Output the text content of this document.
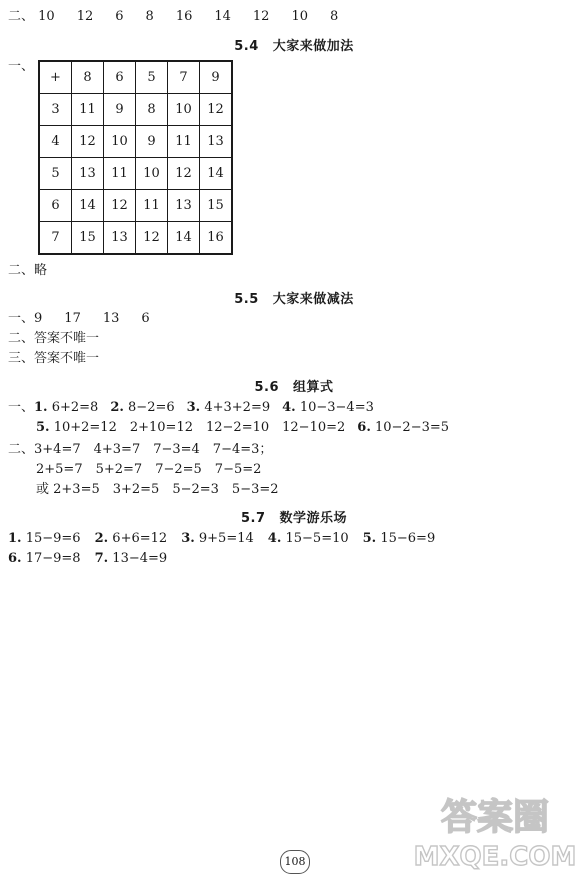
二、 10 12 6 8 16 14 12 10 8
5.4 大家来做加法
一、
+	8	6	5	7	9
3	11	9	8	10	12
4	12	10	9	11	13
5	13	11	10	12	14
6	14	12	11	13	15
7	15	13	12	14	16
二、略
5.5 大家来做减法
一、9 17 13 6
二、答案不唯一
三、答案不唯一
5.6 组算式
一、1. 6+2=8 2. 8−2=6 3. 4+3+2=9 4. 10−3−4=3
5. 10+2=12　2+10=12　12−2=10　12−10=2 6. 10−2−3=5
二、3+4=7　4+3=7　7−3=4　7−4=3；
2+5=7　5+2=7　7−2=5　7−5=2
或 2+3=5　3+2=5　5−2=3　5−3=2
5.7 数学游乐场
1. 15−9=6 2. 6+6=12 3. 9+5=14 4. 15−5=10 5. 15−6=9
6. 17−9=8 7. 13−4=9
108
答案圈
MXQE.COM
